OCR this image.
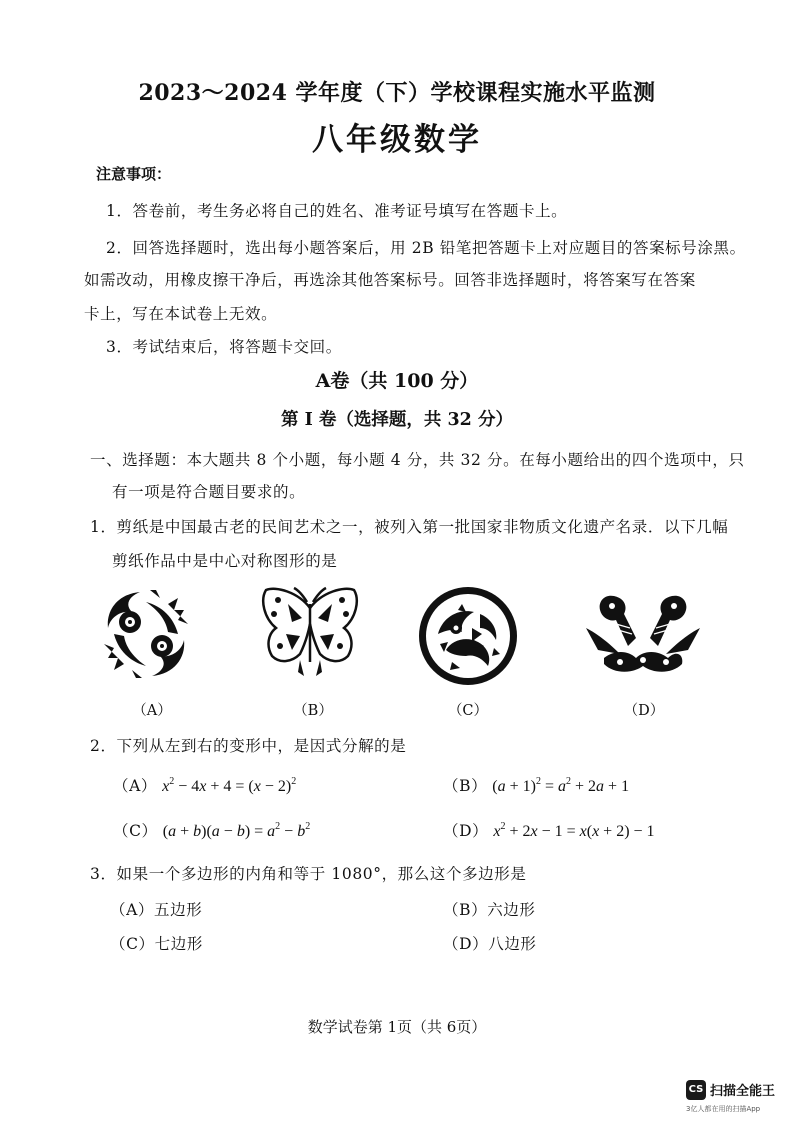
2023～2024 学年度（下）学校课程实施水平监测
八年级数学
注意事项：
1．答卷前，考生务必将自己的姓名、准考证号填写在答题卡上。
2．回答选择题时，选出每小题答案后，用 2B 铅笔把答题卡上对应题目的答案标号涂黑。
如需改动，用橡皮擦干净后，再选涂其他答案标号。回答非选择题时，将答案写在答案
卡上，写在本试卷上无效。
3．考试结束后，将答题卡交回。
A卷（共 100 分）
第 I 卷（选择题，共 32 分）
一、选择题：本大题共 8 个小题，每小题 4 分，共 32 分。在每小题给出的四个选项中，只
有一项是符合题目要求的。
1．剪纸是中国最古老的民间艺术之一，被列入第一批国家非物质文化遗产名录．以下几幅
剪纸作品中是中心对称图形的是
（A）	（B）	（C）	（D）
2．下列从左到右的变形中，是因式分解的是
（A） $x^2 - 4x + 4 = (x - 2)^2$	（B） $(a + 1)^2 = a^2 + 2a + 1$
（C） $(a + b)(a - b) = a^2 - b^2$	（D） $x^2 + 2x - 1 = x(x + 2) - 1$
3．如果一个多边形的内角和等于 1080°，那么这个多边形是
（A）五边形	（B）六边形
（C）七边形	（D）八边形
数学试卷第 1页（共 6页）
CS 扫描全能王
3亿人都在用的扫描App
